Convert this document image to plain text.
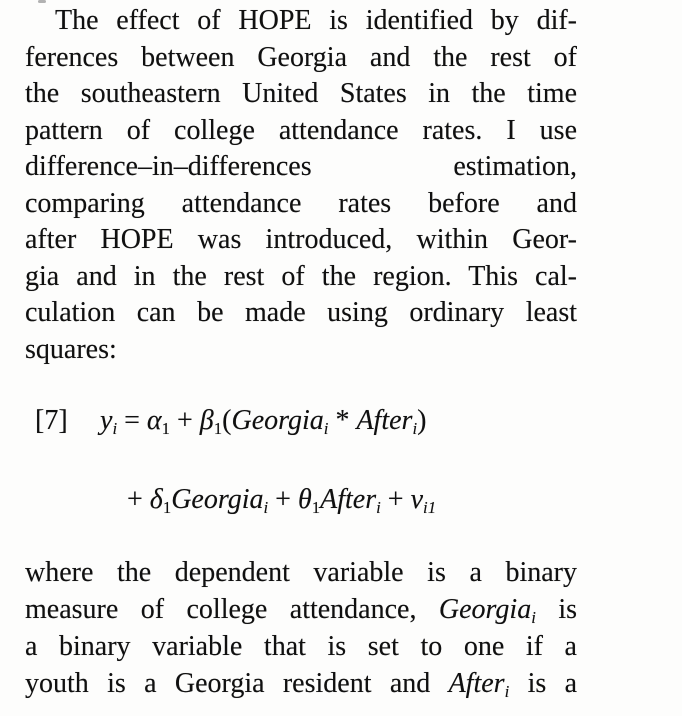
The effect of HOPE is identified by dif-
ferences between Georgia and the rest of
the southeastern United States in the time
pattern of college attendance rates. I use
difference–in–differences estimation,
comparing attendance rates before and
after HOPE was introduced, within Geor-
gia and in the rest of the region. This cal-
culation can be made using ordinary least
squares:
[7] $y_i = \alpha_1$ + $\beta_1(Georgia_i$ * After$_i$)
+ $\delta_1Georgia_i$ + $\theta_1After_i + v_{i1}$
where the dependent variable is a binary
measure of college attendance, Georgia$_i$ is
a binary variable that is set to one if a
youth is a Georgia resident and After$_i$ is a
